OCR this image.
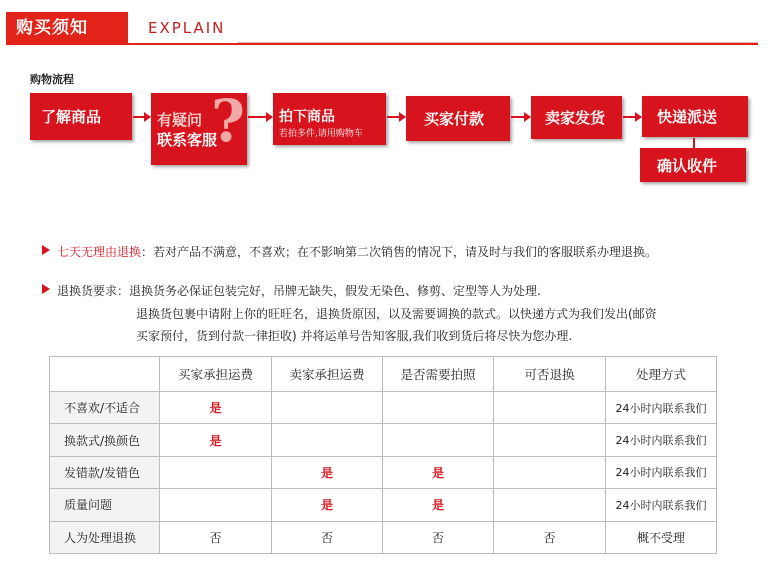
购买须知	EXPLAIN
购物流程
了解商品	有疑问
联系客服
? 拍下商品
若拍多件,请用购物车
买家付款	卖家发货	快递派送
确认收件
七天无理由退换：若对产品不满意，不喜欢；在不影响第二次销售的情况下，请及时与我们的客服联系办理退换。
退换货要求：退换货务必保证包装完好，吊牌无缺失，假发无染色、修剪、定型等人为处理.
退换货包裹中请附上你的旺旺名，退换货原因，以及需要调换的款式。以快递方式为我们发出(邮资
买家预付，货到付款一律拒收) 并将运单号告知客服,我们收到货后将尽快为您办理.
	买家承担运费	卖家承担运费	是否需要拍照	可否退换	处理方式
不喜欢/不适合	是				24小时内联系我们
换款式/换颜色	是				24小时内联系我们
发错款/发错色		是	是		24小时内联系我们
质量问题		是	是		24小时内联系我们
人为处理退换	否	否	否	否	概不受理
